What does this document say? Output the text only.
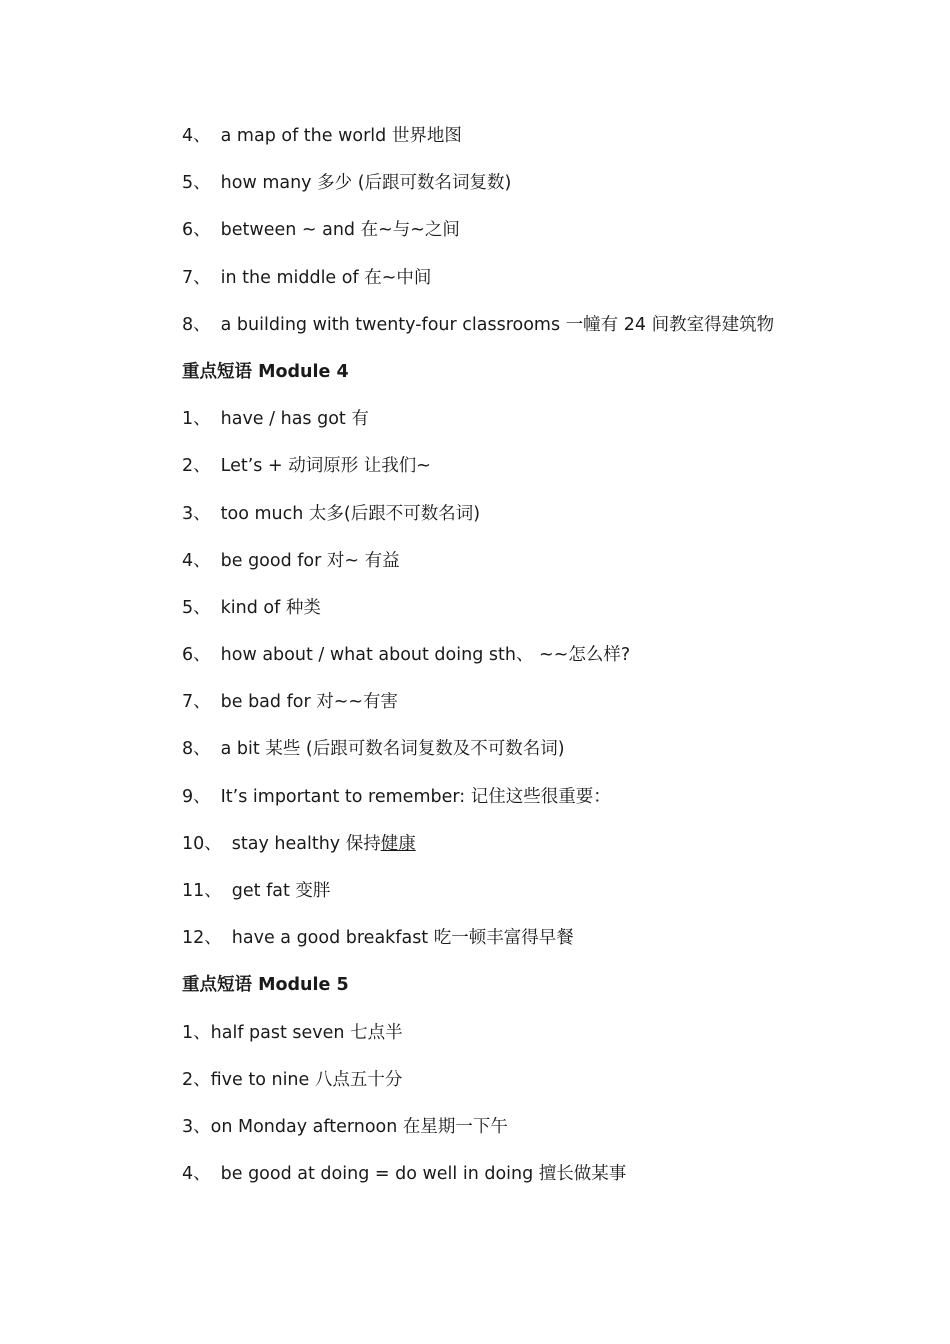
4、 a map of the world 世界地图
5、 how many 多少 (后跟可数名词复数)
6、 between ~ and 在~与~之间
7、 in the middle of 在~中间
8、 a building with twenty-four classrooms 一幢有 24 间教室得建筑物
重点短语 Module 4
1、 have / has got 有
2、 Let’s + 动词原形 让我们~
3、 too much 太多(后跟不可数名词)
4、 be good for 对~ 有益
5、 kind of 种类
6、 how about / what about doing sth、 ~~怎么样?
7、 be bad for 对~~有害
8、 a bit 某些 (后跟可数名词复数及不可数名词)
9、 It’s important to remember: 记住这些很重要：
10、 stay healthy 保持健康
11、 get fat 变胖
12、 have a good breakfast 吃一顿丰富得早餐
重点短语 Module 5
1、half past seven 七点半
2、five to nine 八点五十分
3、on Monday afternoon 在星期一下午
4、 be good at doing = do well in doing 擅长做某事
